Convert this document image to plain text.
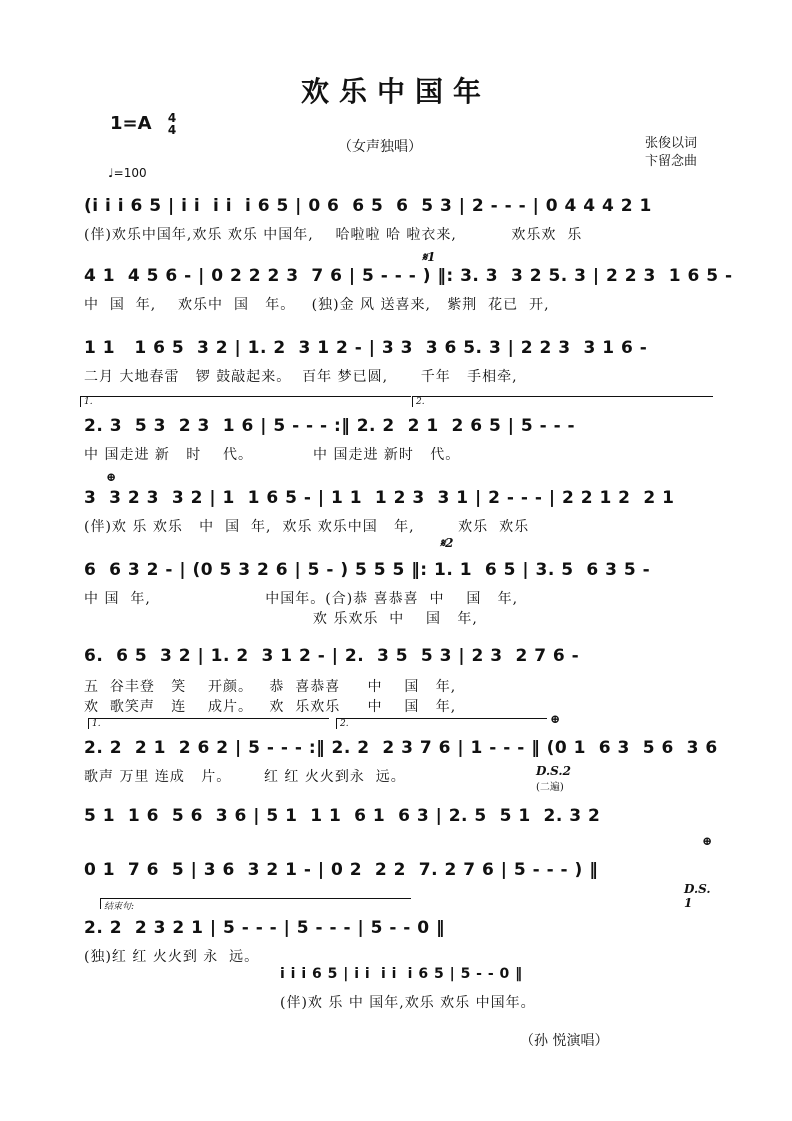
欢乐中国年
1=A 4
4
（女声独唱）	张俊以词
卞留念曲
♩=100
(i i i 6 5 | i i  i i  i 6 5 | 0 6  6 5  6  5 3 | 2 - - - | 0 4 4 4 2 1
(伴)欢乐中国年,欢乐 欢乐 中国年,    哈啦啦 哈 啦衣来,          欢乐欢  乐
𝄋1
4 1  4 5 6 - | 0 2 2 2 3  7 6 | 5 - - - ) ‖: 3. 3  3 2 5. 3 | 2 2 3  1 6 5 -
中  国  年,    欢乐中  国   年。   (独)金 风 送喜来,   紫荆  花已  开,
1 1   1 6 5  3 2 | 1. 2  3 1 2 - | 3 3  3 6 5. 3 | 2 2 3  3 1 6 -
二月 大地春雷   锣 鼓敲起来。  百年 梦已圆,      千年   手相牵,
1.	2.
2. 3  5 3  2 3  1 6 | 5 - - - :‖ 2. 2  2 1  2 6 5 | 5 - - -
中 国走进 新   时    代。           中 国走进 新时   代。
⊕
3  3 2 3  3 2 | 1  1 6 5 - | 1 1  1 2 3  3 1 | 2 - - - | 2 2 1 2  2 1
(伴)欢 乐 欢乐   中  国  年,  欢乐 欢乐中国   年,        欢乐  欢乐
𝄋2
6  6 3 2 - | (0 5 3 2 6 | 5 - ) 5 5 5 ‖: 1. 1  6 5 | 3. 5  6 3 5 -
中 国  年,                     中国年。(合)恭 喜恭喜  中    国   年,
欢 乐欢乐  中    国   年,
6.  6 5  3 2 | 1. 2  3 1 2 - | 2.  3 5  5 3 | 2 3  2 7 6 -
五  谷丰登   笑    开颜。   恭  喜恭喜     中    国   年,
欢  歌笑声   连    成片。   欢  乐欢乐     中    国   年,
1.	2.	⊕
2. 2  2 1  2 6 2 | 5 - - - :‖ 2. 2  2 3 7 6 | 1 - - - ‖ (0 1  6 3  5 6  3 6
歌声 万里 连成   片。      红 红 火火到永  远。	D.S.2
(二遍)
5 1  1 6  5 6  3 6 | 5 1  1 1  6 1  6 3 | 2. 5  5 1  2. 3 2
0 1  7 6  5 | 3 6  3 2 1 - | 0 2  2 2  7. 2 7 6 | 5 - - - ) ‖
⊕
D.S. 1
结束句:
2. 2  2 3 2 1 | 5 - - - | 5 - - - | 5 - - 0 ‖
(独)红 红 火火到 永  远。
i i i 6 5 | i i  i i  i 6 5 | 5 - - 0 ‖
(伴)欢 乐 中 国年,欢乐 欢乐 中国年。
（孙 悦演唱）
